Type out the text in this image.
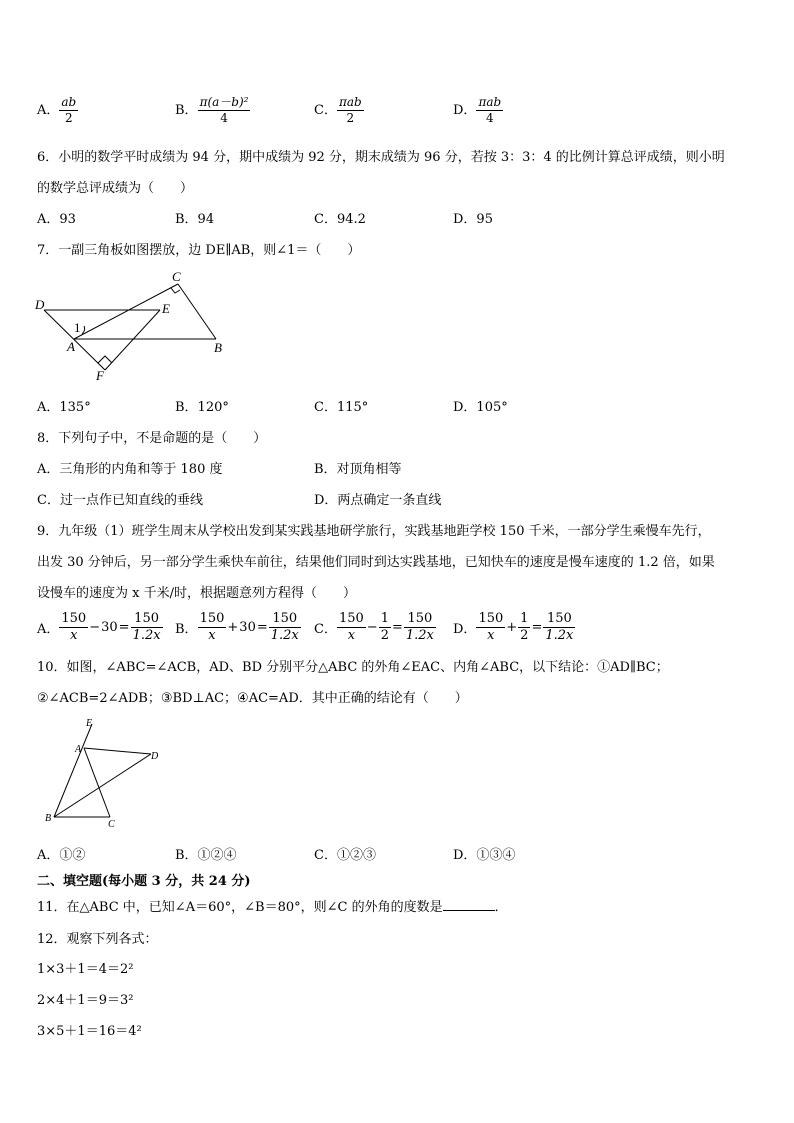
A． $\frac{ab}{2}$	B． $\frac{\text{π(a－b)²}}{4}$	C． $\frac{\text{πab}}{2}$	D． $\frac{\text{πab}}{4}$
6．小明的数学平时成绩为 94 分，期中成绩为 92 分，期末成绩为 96 分，若按 3：3：4 的比例计算总评成绩，则小明
的数学总评成绩为（　　）
A．93	B．94	C．94.2	D．95
7．一副三角板如图摆放，边 DE∥AB，则∠1＝（　　）
C
D	E
1
A	B
F
A．135°	B．120°	C．115°	D．105°
8．下列句子中，不是命题的是（　　）
A．三角形的内角和等于 180 度	B．对顶角相等
C．过一点作已知直线的垂线	D．两点确定一条直线
9．九年级（1）班学生周末从学校出发到某实践基地研学旅行，实践基地距学校 150 千米，一部分学生乘慢车先行，
出发 30 分钟后，另一部分学生乘快车前往，结果他们同时到达实践基地，已知快车的速度是慢车速度的 1.2 倍，如果
设慢车的速度为 x 千米/时，根据题意列方程得（　　）
A． $\frac{150}{x} - 30 = \frac{150}{1.2x}$ B． $\frac{150}{x} + 30 = \frac{150}{1.2x}$ C． $\frac{150}{x} - \frac{1}{2} = \frac{150}{1.2x}$ D． $\frac{150}{x} + \frac{1}{2} = \frac{150}{1.2x}$
10．如图，∠ABC=∠ACB，AD、BD 分别平分△ABC 的外角∠EAC、内角∠ABC，以下结论：①AD∥BC；
②∠ACB=2∠ADB；③BD⊥AC；④AC=AD．其中正确的结论有（　　）
E
A
D
B
C
A．①②	B．①②④	C．①②③	D．①③④
二、填空题(每小题 3 分，共 24 分)
11．在△ABC 中，已知∠A＝60°，∠B＝80°，则∠C 的外角的度数是	．
12．观察下列各式：
1×3＋1＝4＝2²
2×4＋1＝9＝3²
3×5＋1＝16＝4²
